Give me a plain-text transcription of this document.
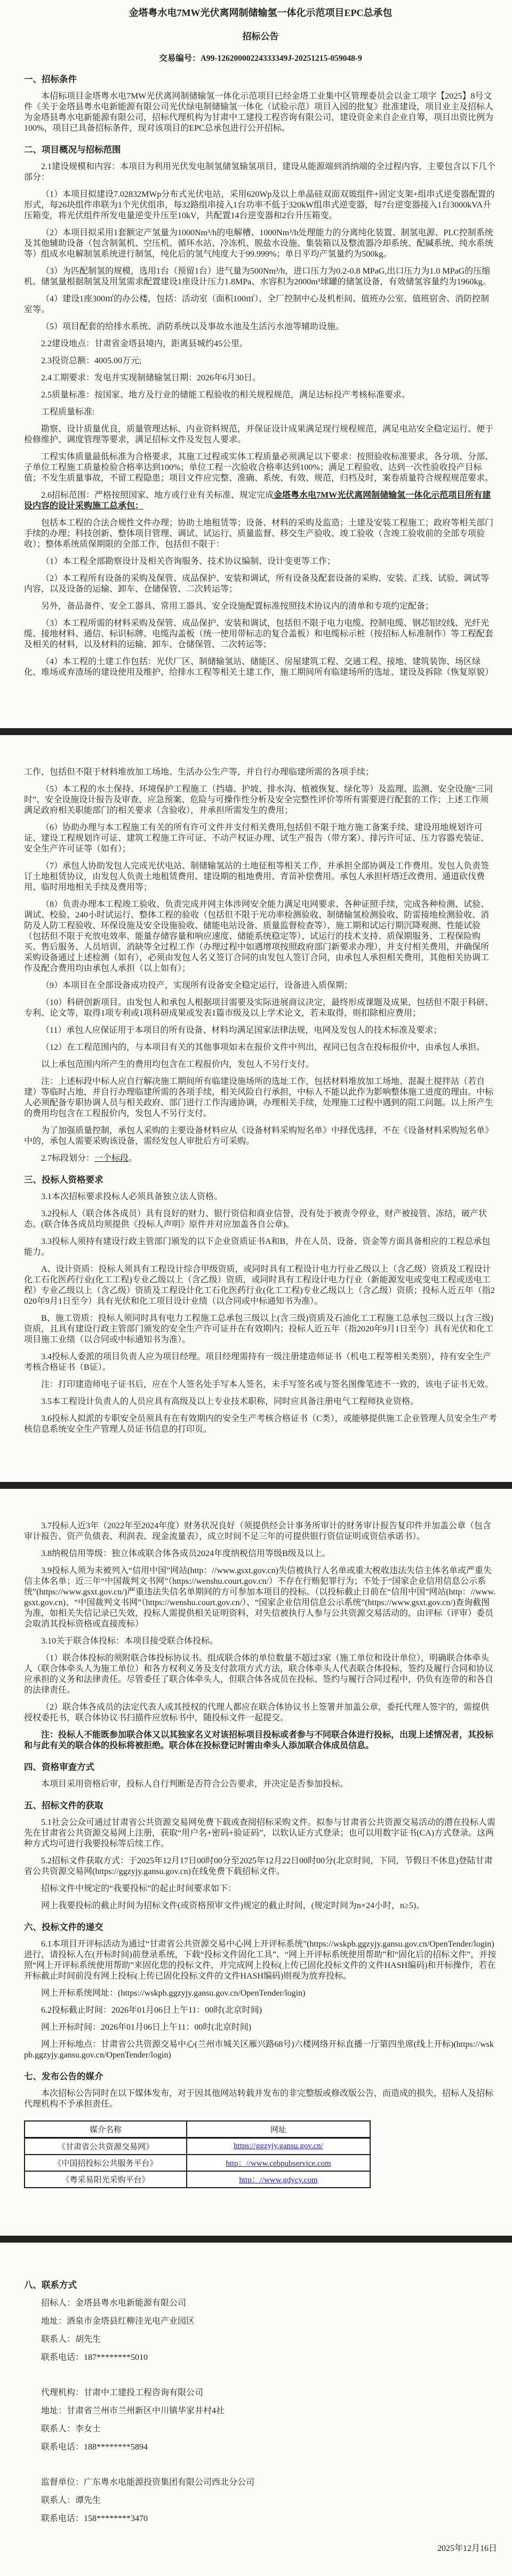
金塔粤水电7MW光伏离网制储输氢一体化示范项目EPC总承包
招标公告
交易编号：A99-12620000224333349J-20251215-059048-9
一、招标条件
本招标项目金塔粤水电7MW光伏离网制储输氢一体化示范项目已经金塔工业集中区管理委员会以金工项字【2025】8号文件《关于金塔县粤水电新能源有限公司光伏绿电制储输氢一体化（试验示范）项目入园的批复》批准建设，项目业主及招标人为金塔县粤水电新能源有限公司，招标代理机构为甘肃中工建投工程咨询有限公司，建设资金来自企业自筹，项目出资比例为100%，项目已具备招标条件，现对该项目的EPC总承包进行公开招标。
二、项目概况与招标范围
2.1建设规模和内容：本项目为利用光伏发电制氢储氢输氢项目，建设从能源端到消纳端的全过程内容，主要包含以下几个部分：
（1）本项目拟建设7.02832MWp分布式光伏电站，采用620Wp及以上单晶硅双面双玻组件+固定支架+组串式逆变器配置的形式，每26块组件串联为1个光伏组串，每32路组串接入1台功率不低于320kW组串式逆变器，每7台逆变器接入1台3000kVA升压箱变，将光伏组件所发电量逆变升压至10kV，共配置14台逆变器和2台升压箱变。
（2）本项目拟采用1套额定产氢量为1000Nm³/h的电解槽、1000Nm³/h处理能力的分离纯化装置、制氢电源、PLC控制系统及其他辅助设备（包含制氮机、空压机、循环水站、冷冻机、脱盐水设施、集装箱以及整流器冷却系统、配碱系统、纯水系统等）组成水电解制氢系统进行制氢，纯化后的氢气纯度大于99.999%；单日平均产氢量约为500kg。
（3）为匹配制氢的规模，选用1台（预留1台）进气量为500Nm³/h，进口压力为0.2-0.8 MPaG,出口压力为1.0 MPaG的压缩机。储氢量根据制氢及用氢需求配置建设1座设计压力1.8MPa、水容积为2000m³球罐的储氢设备，有效储氢容量约为1960kg。
（4）建设1座300㎡的办公楼，包括：活动室（面积100㎡）、全厂控制中心及机柜间、值班办公室、值班宿舍、消防控制室等。
（5）项目配套的给排水系统、消防系统以及事故水池及生活污水池等辅助设施。
2.2建设地点：甘肃省金塔县境内，距离县城约45公里。
2.3投资总额：4005.00万元;
2.4工期要求：发电并实现制储输氢日期：2026年6月30日。
2.5质量标准：按国家、地方及行业的储能工程验收的相关规程规范，满足达标投产考核标准要求。
工程质量标准:
勘察、设计质量优良，质量管理达标、内业资料规范，并保证设计成果满足现行规程规范，满足电站安全稳定运行、便于检修维护、调度管理等要求，满足招标文件及发包人要求。
工程实体质量最低标准为合格要求，其施工过程或实体工程质量必须满足以下要求：按照验收标准要求，各分项、分部、子单位工程施工质量检验合格率达到100%；单位工程一次验收合格率达到100%；满足工程验收、达到一次性验收投产目标值；不发生质量事故，不留工程隐患；项目文件应完整、准确、系统、有效、规范，归档及时，案卷质量符合规程规范要求。
2.6招标范围：严格按照国家、地方或行业有关标准、规定完成金塔粤水电7MW光伏离网制储输氢一体化示范项目所有建设内容的设计采购施工总承包：
包括本工程的合法合规性文件办理；协助土地租赁等；设备、材料的采购及监造；土建及安装工程施工；政府等相关部门手续的办理；科技创新、整体项目管理、调试、试运行、质量监督、移交生产验收、竣工验收（含竣工验收前的全部专项验收）；整体系统质保期限的全部工作，包括但不限于：
（1）本工程全部勘察设计及相关咨询服务、技术协议编制、设计变更等工作；
（2）本工程所有设备的采购及保管、成品保护、安装和调试，所有设备及配套设备的采购、安装、汇线、试验、调试等内容，以及设备的运输、卸车、仓储保管、二次转运等；
另外，备品备件、安全工器具、常用工器具、安全设施配置标准按照技术协议内的清单和专项约定配备；
（3）本工程所需的材料采购及保管、成品保护、安装和调试，包括但不限于电力电缆、控制电缆、钢芯铝绞线、光纤光缆、接地材料、通信、标识标牌、电缆沟盖板（统一使用带标志的复合盖板）和电缆标示桩（按招标人标准制作）等工程配套及相关的材料，以及材料的运输、卸车、仓储保管、二次转运等；
（4）本工程的土建工作包括：光伏厂区、制储输氢站、储能区、房屋建筑工程、交通工程、接地、建筑装饰、场区绿化、堆场或弃渣场的建设使用及维护、给排水工程等相关土建工作，施工期间所有临建场所的选址、建设及拆除（恢复原貌）
工作，包括但不限于材料堆放加工场地、生活办公生产等，并自行办理临建所需的各项手续；
（5）本工程的水土保持、环境保护工程施工（挡墙、护坡、排水沟、植被恢复、绿化等）及监理、监测、安全设施“三同时”、安全设施设计报告及审查、应急预案、危险与可操作性分析及安全完整性评价等所有需要进行配套的工作；上述工作须满足政府相关职能部门的相关要求（含验收），并承担所需发生的费用；
（6）协助办理与本工程施工有关的所有许可文件并支付相关费用,包括但不限于地方施工备案手续、建设用地规划许可证、建设工程规划许可证、建筑工程施工许可证、不动产权证办理、试生产报告（带方案）、排污许可证、压力容器充装证、安全生产许可证等（如有）；
（7）承包人协助发包人完成光伏电站、制储输氢站的土地征租等相关工作，并承担全部协调及工作费用。发包人负责签订土地租赁协议，由发包人负责土地租赁费用、建设期的租地费用、青苗补偿费用。承包人承担杆塔迁改费用、通道砍伐费用、临时用地相关手续及费用等；
（8）负责办理本工程竣工验收、负责完成并网主体涉网安全能力满足电网要求、各种证照手续，完成各种检测、试验、调试、校验、240小时试运行、整体工程的验收（包括但不限于光功率检测验收、制储输氢检测验收、防雷接地检测验收、消防及人防工程验收、环保设施及安全设施验收、储能电站设备、质量监督检查等）、施工期和试运行期沉降观测、性能试验（包括但不限于充放电效率、能量存储容量和响应速度、储能系统稳定等）、试运行的技术支持、质保期服务、工程保险购买、售后服务、人员培训、消缺等全过程工作（办理过程中如遇增项按照政府部门新要求办理），并支付相关费用，并确保所采购设备通过上述检测（如有），必须由发包人名义签订合同的由发包人签订合同，由承包人承担相关费用，其他相关协调工作及配合费用均由承包人承担（以上如有）；
（9）本项目在全部设备成功投产，实现所有设备安全稳定运行，设备进入质保期；
（10）科研创新项目。由发包人和承包人根据项目需要及实际进展商议决定，最终形成课题及成果，包括但不限于科研、专利、论文等，取得1项专利或1项科研成果或发表1篇市级及以上学术论文，若未取得，则扣除相应费用；
（11）承包人应保证用于本项目的所有设备、材料均满足国家法律法规，电网及发包人的技术标准及要求；
（12）在工程范围内的，与本项目有关的其他事项如未在报价文件中列出，视同已包含在投标报价中，由承包人承担。
以上承包范围内所产生的费用均包含在工程报价内，发包人不另行支付。
注：上述标段中标人应自行解决施工期间所有临建设施场所的选址工作，包括材料堆放加工场地、混凝土搅拌站（若自建）等临时占地，并自行办理临建所需的各项手续，相关风险自行承担，中标人不能以此作为影响整体施工进度的理由。中标人必须配备专职协调人员与相关政府、部门进行工作沟通协调，办理相关手续，处理施工过程中遇到的阻工问题。以上所产生的费用均包含在工程报价内，发包人不另行支付。
为了加强质量控制，承包人采购的主要设备材料应从《设备材料采购短名单》中择优选择，不在《设备材料采购短名单》中的，承包人需要采购该设备，需经发包人审批后方可采购。
2.7标段划分：一个标段。
三、投标人资格要求
3.1本次招标要求投标人必须具备独立法人资格。
3.2投标人（联合体各成员）具有良好的财力、银行资信和商业信誉，没有处于被责令停业，财产被接管、冻结，破产状态。(联合体各成员均须提供《投标人声明》原件并对应加盖各自公章)。
3.3投标人须持有建设行政主管部门颁发的以下企业资质证书A和B，并在人员、设备、资金等方面具备相应的工程总承包能力。
A、设计资质：投标人须具有工程设计综合甲级资质，或同时具有工程设计电力行业乙级以上（含乙级）资质及工程设计化工石化医药行业(化工工程)专业乙级以上（含乙级）资质，或同时具有工程设计电力行业（新能源发电或变电工程或送电工程）专业乙级以上（含乙级）资质及工程设计化工石化医药行业(化工工程)专业乙级以上（含乙级）资质；投标人近五年（指2020年9月1日至今）具有光伏和化工项目设计业绩（以合同或中标通知书为准）。
B、施工资质：投标人须同时具有电力工程施工总承包三级以上(含三级)资质及石油化工工程施工总承包三级以上(含三级)资质，且具有建设行政主管部门颁发的安全生产许可证并在有效期内；投标人近五年（指2020年9月1日至今）具有光伏和化工项目施工业绩（以合同或中标通知书为准）。
3.4投标人委派的项目负责人应为项目经理。项目经理需持有一级注册建造师证书（机电工程等相关类别），持有安全生产考核合格证书（B证）。
注：打印建造师电子证书后，应在个人签名处手写本人签名，未手写签名或与签名图像笔迹不一致的，该电子证书无效。
3.5本工程设计负责人的人员应具有高级及以上专业技术职称，同时应具备注册电气工程师执业资格。
3.6投标人拟派的专职安全员须具有在有效期内的安全生产考核合格证书（C类），或能够提供施工企业管理人员安全生产考核信息系统安全生产管理人员证书信息的打印页。
3.7投标人近3年（2022年至2024年度）财务状况良好（须提供经会计事务所审计的财务审计报告复印件并加盖公章（包含审计报告、资产负债表、利润表、现金流量表），成立时间不足三年的可提供银行资信证明或资信承诺书）。
3.8纳税信用等级：独立体或联合体各成员2024年度纳税信用等级B级及以上。
3.9投标人须为未被列入“信用中国”网站(http：//www.gsxt.gov.cn)失信被执行人名单或重大税收违法失信主体名单或严重失信主体名单；近三年“中国裁判文书网”（https://wenshu.court.gov.cn/）不存在行贿犯罪行为；不处于“国家企业信用信息公示系统”(https://www.gsxt.gov.cn/)严重违法失信名单期间的方可参加本项目的投标。（以投标截止日前在“信用中国”网站(http：//www.gsxt.gov.cn)、“中国裁判文书网”（https://wenshu.court.gov.cn/）、“国家企业信用信息公示系统”(https://www.gsxt.gov.cn/)查询截图为准，如相关失信记录已失效，投标人需提供相关证明资料，对失信被执行人参与公共资源交易活动的，由评标（评审）委员会取消其投标资格或直接废标）
3.10关于联合体投标：本项目接受联合体投标。
（1）联合体投标的须附联合体投标协议书。组成联合体的单位数量不超过3家（施工单位和设计单位），明确联合体牵头人（联合体牵头人为施工单位）和各方权利义务及支付款项方式方法，联合体牵头人代表联合体投标，签约及履行合同和协议应承担的义务和法律责任。尽管委任了联合体牵头人，但联合体各成员在投标、签约与履行合同过程中，仍负有连带的和各自的法律责任。
（2）联合体各成员的法定代表人或其授权的代理人都应在联合体协议书上签署并加盖公章，委托代理人签字的，需提供授权委托书，联合体协议书扫描件应放标书中，随投标文件一起提交。
注：投标人不能既参加联合体又以其独家名义对该招标项目投标或者参与不同联合体进行投标，出现上述情况者，其投标和与此有关的联合体的投标将被拒绝。联合体在投标登记时需由牵头人添加联合体成员信息。
四、资格审查方式
本项目采用资格后审，投标人自行判断是否符合公告要求，并决定是否参加投标。
五、招标文件的获取
5.1社会公众可通过甘肃省公共资源交易网免费下载或查阅招标采购文件。拟参与甘肃省公共资源交易活动的潜在投标人需先在甘肃省公共资源交易网上注册，获取“用户名+密码+验证码”，以软认证方式登录；也可以用数字证书(CA)方式登录。这两种方式均可进行我要投标等后续工作。
5.2招标文件获取方式：于2025年12月17日00时00分至2025年12月22日00时00分(北京时间，下同，节假日不休息)登陆甘肃省公共资源交易网(https://ggzyjy.gansu.gov.cn)在线免费下载招标文件。
招标文件中规定的“我要投标”的起止时间要求如下：
网上我要投标的截止时间为招标文件(或资格预审文件)规定的截止时间，(规定时间为n×24小时，n≥5)。
六、投标文件的递交
6.1本项目开评标活动为通过“甘肃省公共资源交易中心网上开评标系统”(https://wskpb.ggzyjy.gansu.gov.cn/OpenTender/login)进行，请投标人在(开标时间)前登录系统，下载“投标文件固化工具”、“网上开评标系统使用帮助”和“固化后的招标文件”，并按照“网上开评标系统使用帮助”来固化您的投标文件，并完成网上投标(上传已固化投标文件的文件HASH编码)和开标操作，若在开标截止时间前没有网上投标(上传已固化投标文件的文件HASH编码)则视为放弃投标。
网上开标系统网址：(https://wskpb.ggzyjy.gansu.gov.cn/OpenTender/login)
6.2投标截止时间：2026年01月06日上午11：00时(北京时间)
网上开标时间：2026年01月06日上午11：00时(北京时间)
网上开标地点：甘肃省公共资源交易中心(兰州市城关区雁兴路68号)六楼网络开标直播一厅第四坐席(线上开标)(https://wskpb.ggzyjy.gansu.gov.cn/OpenTender/login)
七、发布公告的媒介
本次招标公告同时在以下媒体发布，对于因其他网站转载并发布的非完整版或修改版公告，而造成的损失，招标人及招标代理机构不予承担责任。
媒介名称	网址
《甘肃省公共资源交易网》	https://ggzyjy.gansu.gov.cn/
《中国招投标公共服务平台》	http：//www.cebpubservice.com
《粤采易阳光采购平台》	http：//www.gdycy.com
八、联系方式
招标人：金塔县粤水电新能源有限公司
地址：酒泉市金塔县红柳洼光电产业园区
联系人：胡先生
联系电话：187********5010
代理机构：甘肃中工建投工程咨询有限公司
地址：甘肃省兰州市兰州新区中川镇华家井村4社
联系人：李女士
联系电话：188********5894
监督单位：广东粤水电能源投资集团有限公司西北分公司
联系人：谭先生
联系电话：158********3470
2025年12月16日
